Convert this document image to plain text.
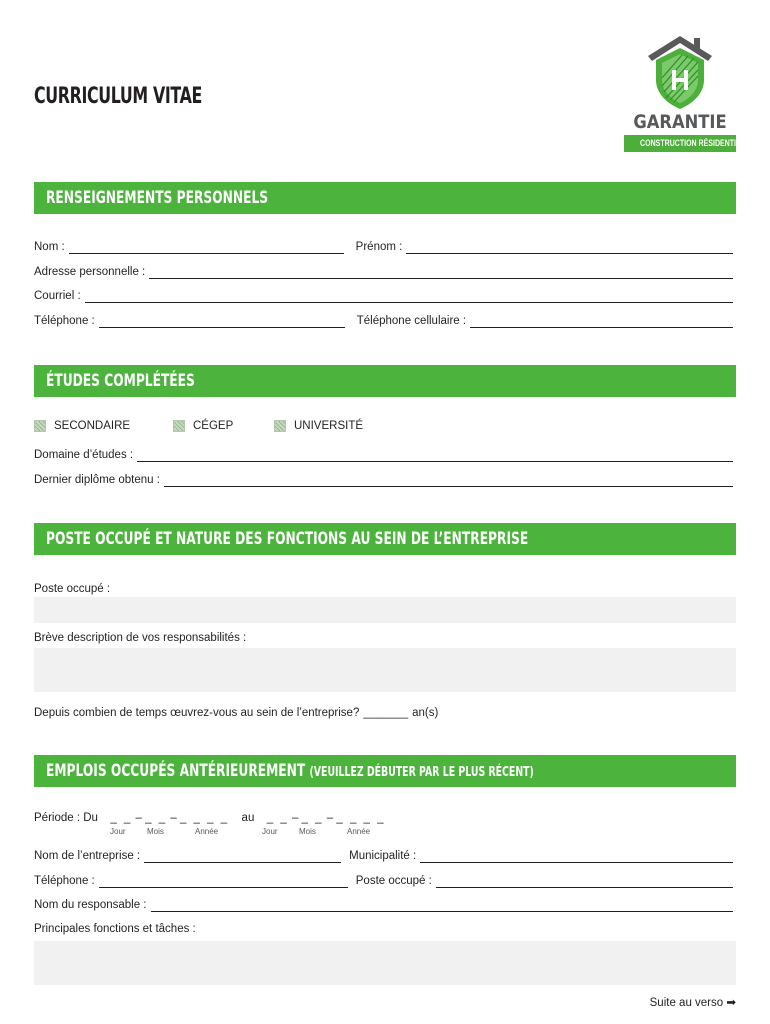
CURRICULUM VITAE
GARANTIE
CONSTRUCTION RÉSIDENTIELLE
RENSEIGNEMENTS PERSONNELS
Nom :	Prénom :
Adresse personnelle :
Courriel :
Téléphone :	Téléphone cellulaire :
ÉTUDES COMPLÉTÉES
SECONDAIRE	CÉGEP	UNIVERSITÉ
Domaine d’études :
Dernier diplôme obtenu :
POSTE OCCUPÉ ET NATURE DES FONCTIONS AU SEIN DE L’ENTREPRISE
Poste occupé :
Brève description de vos responsabilités :
Depuis combien de temps œuvrez-vous au sein de l’entreprise? _______ an(s)
EMPLOIS OCCUPÉS ANTÉRIEUREMENT (VEUILLEZ DÉBUTER PAR LE PLUS RÉCENT)
Période : Du _ _ – _ _ – _ _ _ _ au _ _ – _ _ – _ _ _ _
Jour	Mois	Année	Jour	Mois	Année
Nom de l’entreprise :	Municipalité :
Téléphone :	Poste occupé :
Nom du responsable :
Principales fonctions et tâches :
Suite au verso ➡
